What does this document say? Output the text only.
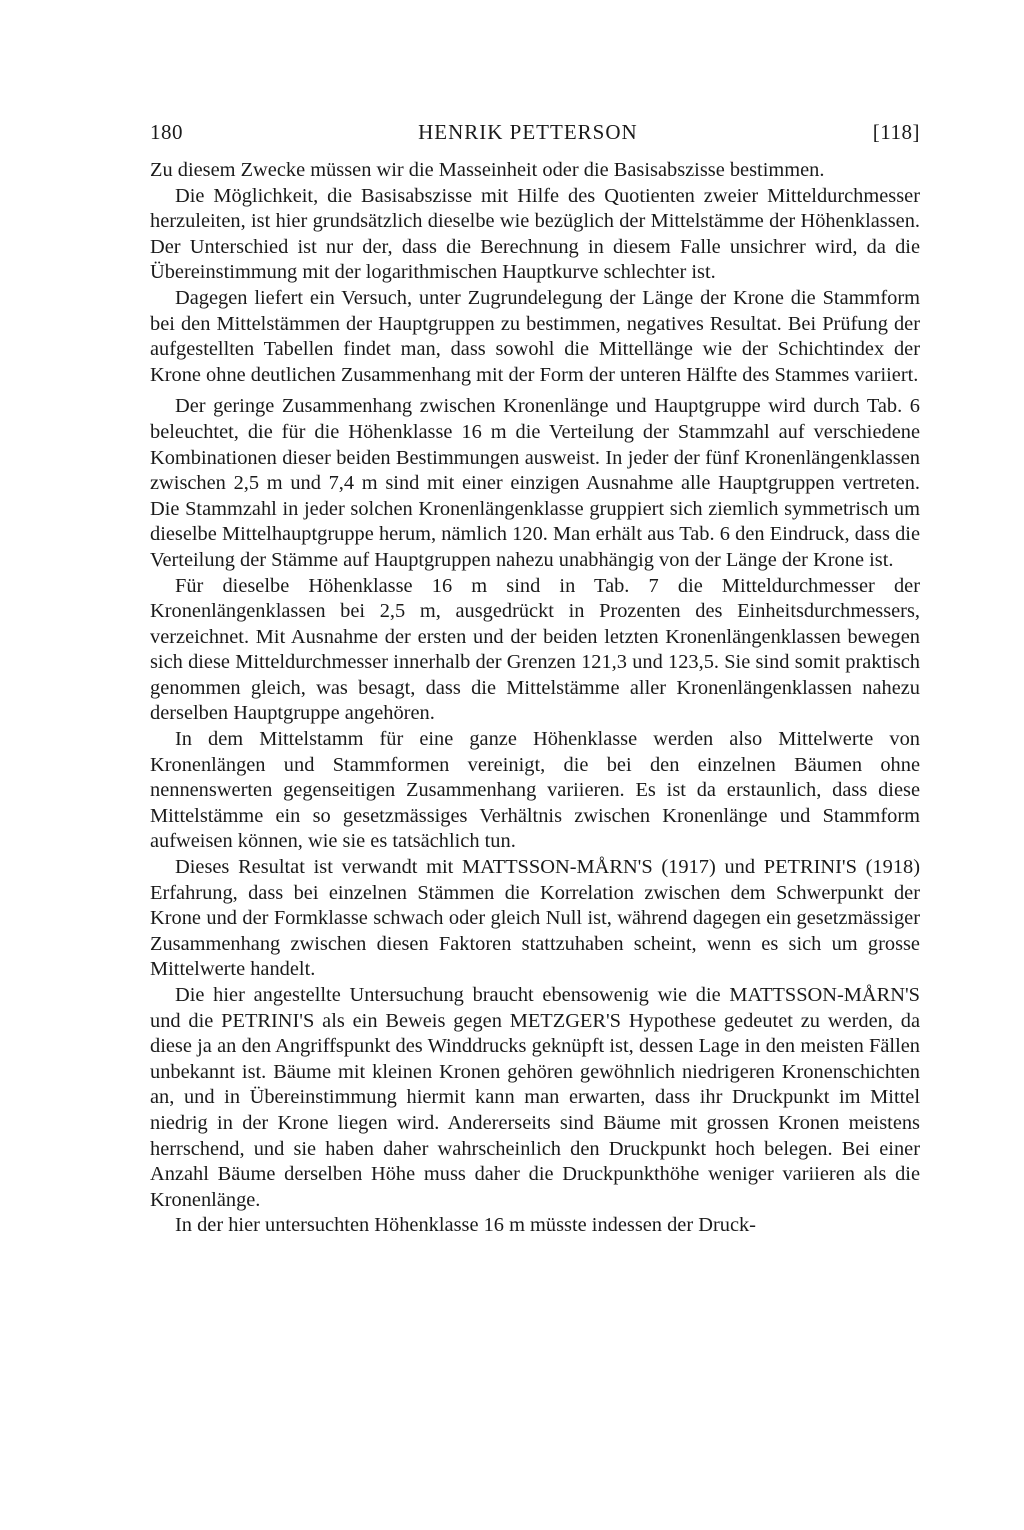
180	HENRIK PETTERSON	[118]

Zu diesem Zwecke müssen wir die Masseinheit oder die Basisabszisse bestimmen.

Die Möglichkeit, die Basisabszisse mit Hilfe des Quotienten zweier Mitteldurchmesser herzuleiten, ist hier grundsätzlich dieselbe wie bezüglich der Mittelstämme der Höhenklassen. Der Unterschied ist nur der, dass die Berechnung in diesem Falle unsichrer wird, da die Übereinstimmung mit der logarithmischen Hauptkurve schlechter ist.

Dagegen liefert ein Versuch, unter Zugrundelegung der Länge der Krone die Stammform bei den Mittelstämmen der Hauptgruppen zu bestimmen, negatives Resultat. Bei Prüfung der aufgestellten Tabellen findet man, dass sowohl die Mittellänge wie der Schichtindex der Krone ohne deutlichen Zusammenhang mit der Form der unteren Hälfte des Stammes variiert.

Der geringe Zusammenhang zwischen Kronenlänge und Hauptgruppe wird durch Tab. 6 beleuchtet, die für die Höhenklasse 16 m die Verteilung der Stammzahl auf verschiedene Kombinationen dieser beiden Bestimmungen ausweist. In jeder der fünf Kronenlängenklassen zwischen 2,5 m und 7,4 m sind mit einer einzigen Ausnahme alle Hauptgruppen vertreten. Die Stammzahl in jeder solchen Kronenlängenklasse gruppiert sich ziemlich symmetrisch um dieselbe Mittelhauptgruppe herum, nämlich 120. Man erhält aus Tab. 6 den Eindruck, dass die Verteilung der Stämme auf Hauptgruppen nahezu unabhängig von der Länge der Krone ist.

Für dieselbe Höhenklasse 16 m sind in Tab. 7 die Mitteldurchmesser der Kronenlängenklassen bei 2,5 m, ausgedrückt in Prozenten des Einheitsdurchmessers, verzeichnet. Mit Ausnahme der ersten und der beiden letzten Kronenlängenklassen bewegen sich diese Mitteldurchmesser innerhalb der Grenzen 121,3 und 123,5. Sie sind somit praktisch genommen gleich, was besagt, dass die Mittelstämme aller Kronenlängenklassen nahezu derselben Hauptgruppe angehören.

In dem Mittelstamm für eine ganze Höhenklasse werden also Mittelwerte von Kronenlängen und Stammformen vereinigt, die bei den einzelnen Bäumen ohne nennenswerten gegenseitigen Zusammenhang variieren. Es ist da erstaunlich, dass diese Mittelstämme ein so gesetzmässiges Verhältnis zwischen Kronenlänge und Stammform aufweisen können, wie sie es tatsächlich tun.

Dieses Resultat ist verwandt mit MATTSSON-MÅRN'S (1917) und PETRINI'S (1918) Erfahrung, dass bei einzelnen Stämmen die Korrelation zwischen dem Schwerpunkt der Krone und der Formklasse schwach oder gleich Null ist, während dagegen ein gesetzmässiger Zusammenhang zwischen diesen Faktoren stattzuhaben scheint, wenn es sich um grosse Mittelwerte handelt.

Die hier angestellte Untersuchung braucht ebensowenig wie die MATTSSON-MÅRN'S und die PETRINI'S als ein Beweis gegen METZGER'S Hypothese gedeutet zu werden, da diese ja an den Angriffspunkt des Winddrucks geknüpft ist, dessen Lage in den meisten Fällen unbekannt ist. Bäume mit kleinen Kronen gehören gewöhnlich niedrigeren Kronenschichten an, und in Übereinstimmung hiermit kann man erwarten, dass ihr Druckpunkt im Mittel niedrig in der Krone liegen wird. Andererseits sind Bäume mit grossen Kronen meistens herrschend, und sie haben daher wahrscheinlich den Druckpunkt hoch belegen. Bei einer Anzahl Bäume derselben Höhe muss daher die Druckpunkthöhe weniger variieren als die Kronenlänge.

In der hier untersuchten Höhenklasse 16 m müsste indessen der Druck-
